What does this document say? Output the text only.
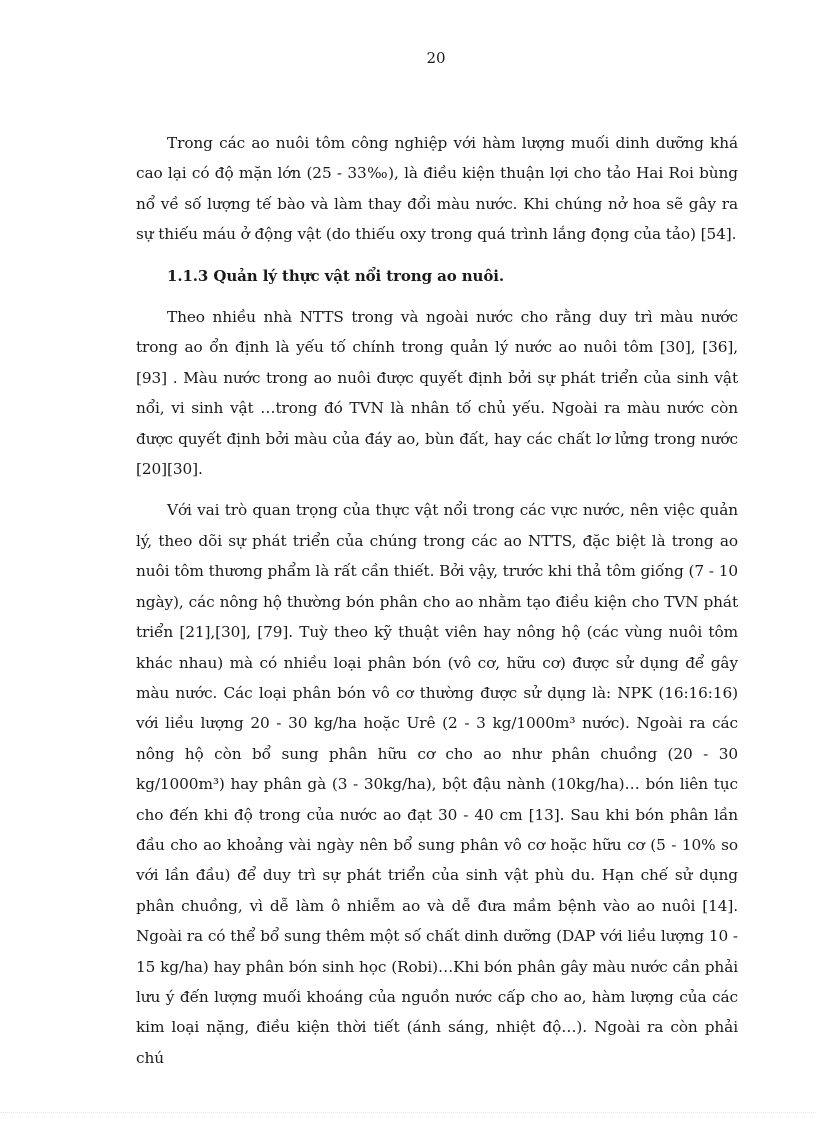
20

Trong các ao nuôi tôm công nghiệp với hàm lượng muối dinh dưỡng khá cao lại có độ mặn lớn (25 - 33‰), là điều kiện thuận lợi cho tảo Hai Roi bùng nổ về số lượng tế bào và làm thay đổi màu nước. Khi chúng nở hoa sẽ gây ra sự thiếu máu ở động vật (do thiếu oxy trong quá trình lắng đọng của tảo) [54].

1.1.3 Quản lý thực vật nổi trong ao nuôi.

Theo nhiều nhà NTTS trong và ngoài nước cho rằng duy trì màu nước trong ao ổn định là yếu tố chính trong quản lý nước ao nuôi tôm [30], [36], [93] . Màu nước trong ao nuôi được quyết định bởi sự phát triển của sinh vật nổi, vi sinh vật …trong đó TVN là nhân tố chủ yếu. Ngoài ra màu nước còn được quyết định bởi màu của đáy ao, bùn đất, hay các chất lơ lửng trong nước [20][30].

Với vai trò quan trọng của thực vật nổi trong các vực nước, nên việc quản lý, theo dõi sự phát triển của chúng trong các ao NTTS, đặc biệt là trong ao nuôi tôm thương phẩm là rất cần thiết. Bởi vậy, trước khi thả tôm giống (7 - 10 ngày), các nông hộ thường bón phân cho ao nhằm tạo điều kiện cho TVN phát triển [21],[30], [79]. Tuỳ theo kỹ thuật viên hay nông hộ (các vùng nuôi tôm khác nhau) mà có nhiều loại phân bón (vô cơ, hữu cơ) được sử dụng để gây màu nước. Các loại phân bón vô cơ thường được sử dụng là: NPK (16:16:16) với liều lượng 20 - 30 kg/ha hoặc Urê (2 - 3 kg/1000m³ nước). Ngoài ra các nông hộ còn bổ sung phân hữu cơ cho ao như phân chuồng (20 - 30 kg/1000m³) hay phân gà (3 - 30kg/ha), bột đậu nành (10kg/ha)… bón liên tục cho đến khi độ trong của nước ao đạt 30 - 40 cm [13]. Sau khi bón phân lần đầu cho ao khoảng vài ngày nên bổ sung phân vô cơ hoặc hữu cơ (5 - 10% so với lần đầu) để duy trì sự phát triển của sinh vật phù du. Hạn chế sử dụng phân chuồng, vì dễ làm ô nhiễm ao và dễ đưa mầm bệnh vào ao nuôi [14]. Ngoài ra có thể bổ sung thêm một số chất dinh dưỡng (DAP với liều lượng 10 - 15 kg/ha) hay phân bón sinh học (Robi)…Khi bón phân gây màu nước cần phải lưu ý đến lượng muối khoáng của nguồn nước cấp cho ao, hàm lượng của các kim loại nặng, điều kiện thời tiết (ánh sáng, nhiệt độ…). Ngoài ra còn phải chú
